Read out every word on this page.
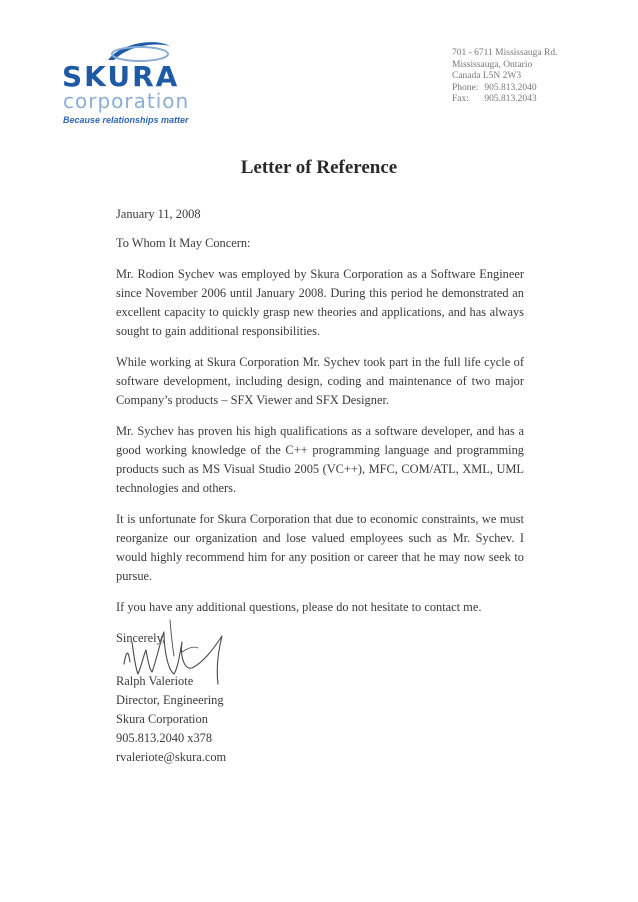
SKURA
corporation
Because relationships matter
701 - 6711 Mississauga Rd.
Mississauga, Ontario
Canada L5N 2W3
Phone: 905.813.2040
Fax: 905.813.2043
Letter of Reference

January 11, 2008

To Whom It May Concern:

Mr. Rodion Sychev was employed by Skura Corporation as a Software Engineer since November 2006 until January 2008. During this period he demonstrated an excellent capacity to quickly grasp new theories and applications, and has always sought to gain additional responsibilities.

While working at Skura Corporation Mr. Sychev took part in the full life cycle of software development, including design, coding and maintenance of two major Company’s products – SFX Viewer and SFX Designer.

Mr. Sychev has proven his high qualifications as a software developer, and has a good working knowledge of the C++ programming language and programming products such as MS Visual Studio 2005 (VC++), MFC, COM/ATL, XML, UML technologies and others.

It is unfortunate for Skura Corporation that due to economic constraints, we must reorganize our organization and lose valued employees such as Mr. Sychev. I would highly recommend him for any position or career that he may now seek to pursue.

If you have any additional questions, please do not hesitate to contact me.

Sincerely,

Ralph Valeriote
Director, Engineering
Skura Corporation
905.813.2040 x378
rvaleriote@skura.com
